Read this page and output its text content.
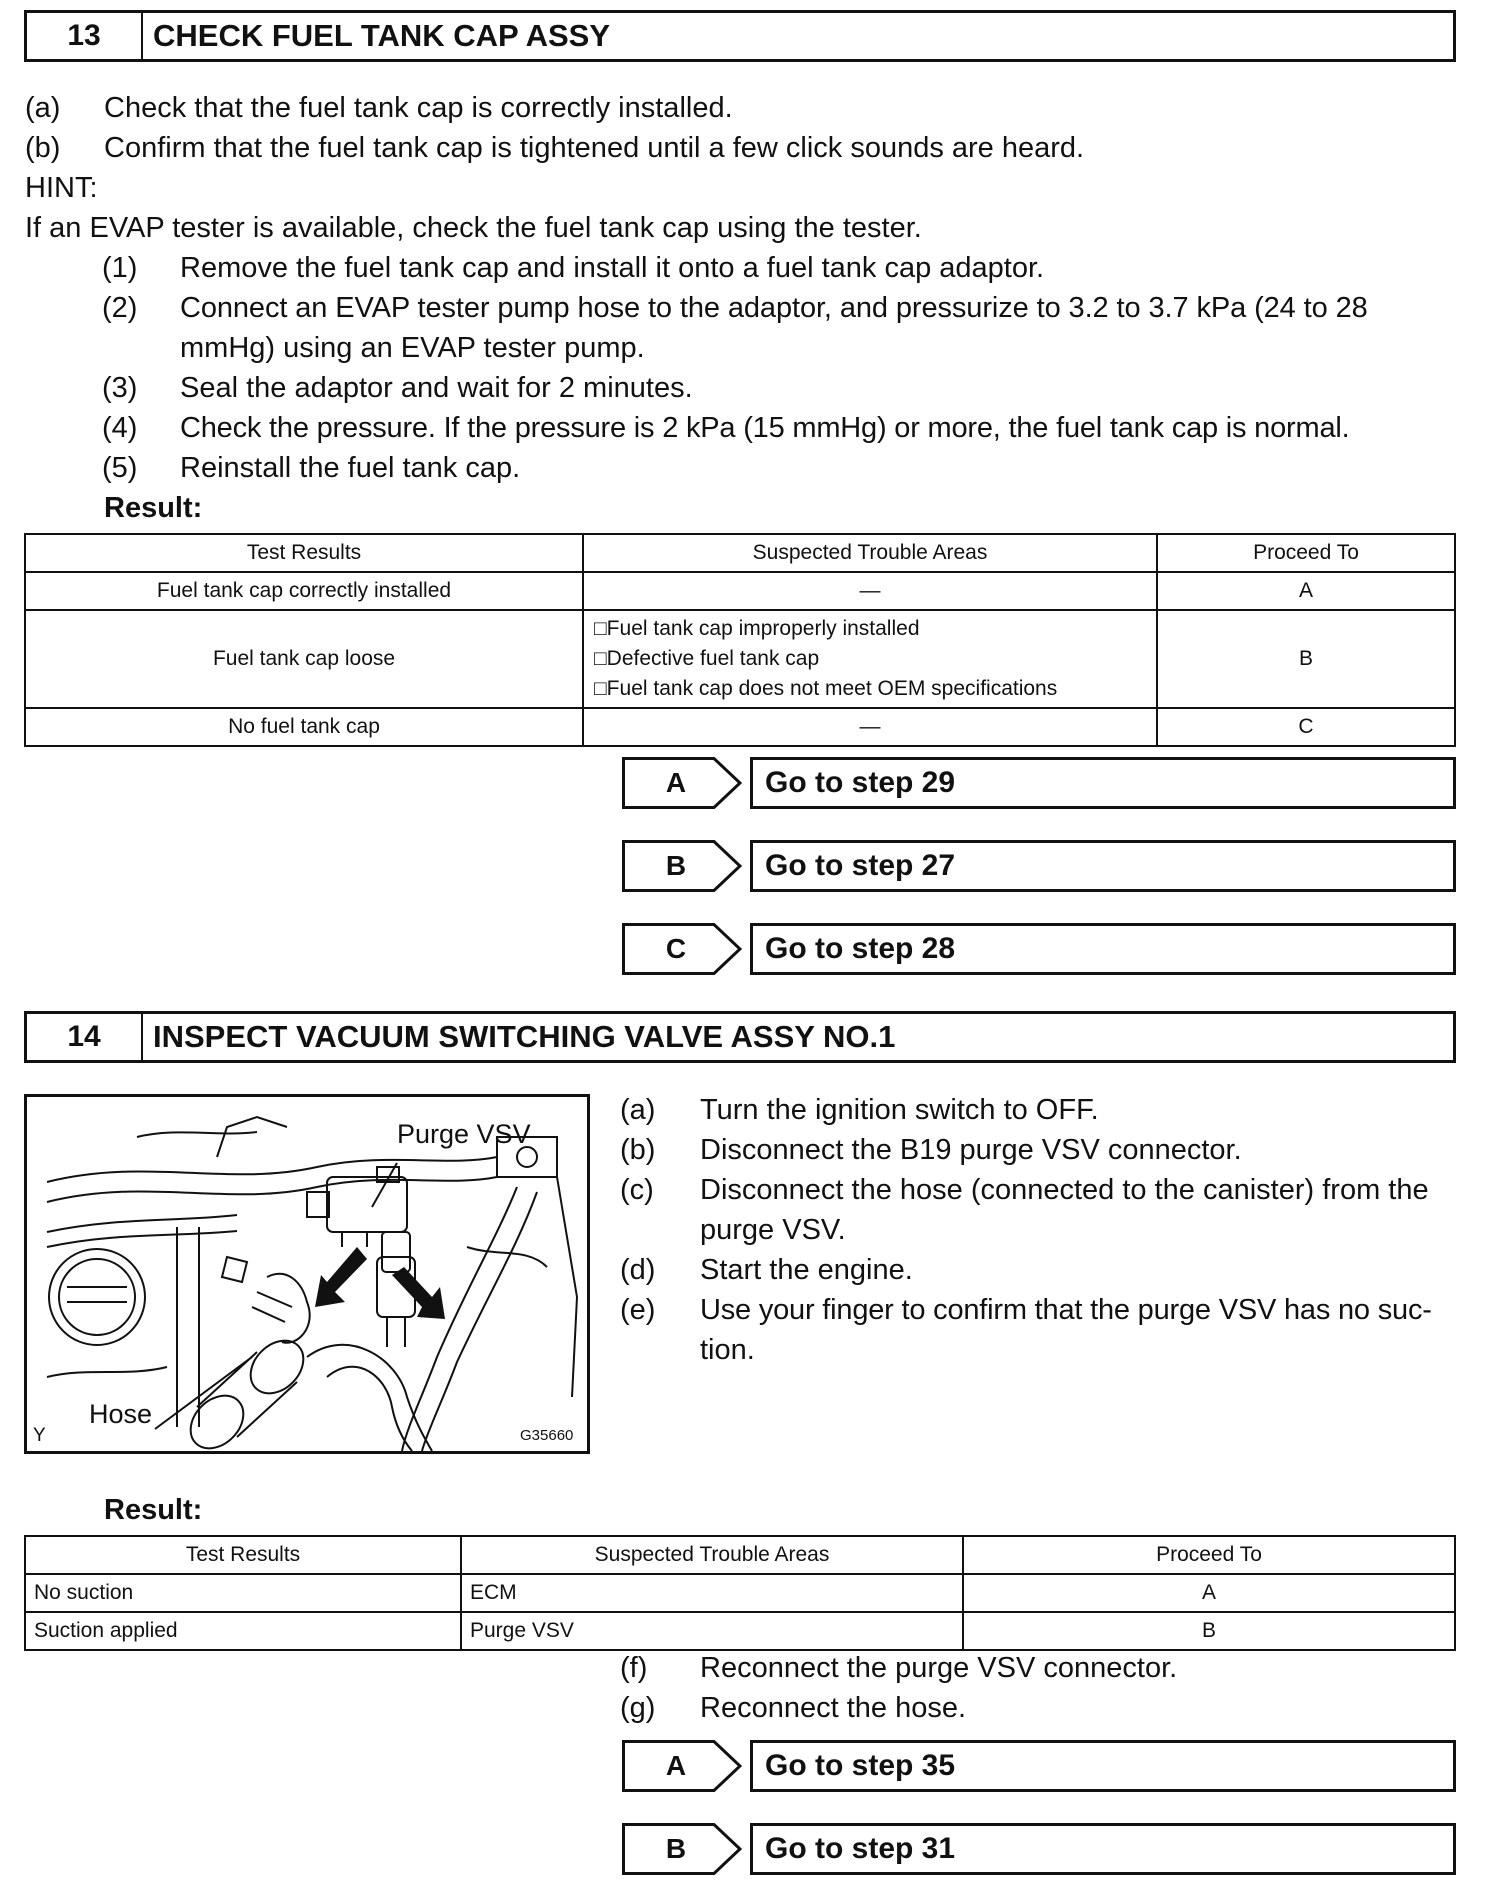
13	CHECK FUEL TANK CAP ASSY
(a) Check that the fuel tank cap is correctly installed.
(b) Confirm that the fuel tank cap is tightened until a few click sounds are heard.
HINT:
If an EVAP tester is available, check the fuel tank cap using the tester.
(1) Remove the fuel tank cap and install it onto a fuel tank cap adaptor.
(2) Connect an EVAP tester pump hose to the adaptor, and pressurize to 3.2 to 3.7 kPa (24 to 28
mmHg) using an EVAP tester pump.
(3) Seal the adaptor and wait for 2 minutes.
(4) Check the pressure. If the pressure is 2 kPa (15 mmHg) or more, the fuel tank cap is normal.
(5) Reinstall the fuel tank cap.
Result:
Test Results	Suspected Trouble Areas	Proceed To
Fuel tank cap correctly installed	—	A
Fuel tank cap loose	□Fuel tank cap improperly installed
□Defective fuel tank cap
□Fuel tank cap does not meet OEM specifications	B
No fuel tank cap	—	C
A	Go to step 29
B	Go to step 27
C	Go to step 28
14	INSPECT VACUUM SWITCHING VALVE ASSY NO.1
Purge VSV
Hose
Y	G35660
(a) Turn the ignition switch to OFF.
(b) Disconnect the B19 purge VSV connector.
(c) Disconnect the hose (connected to the canister) from the
purge VSV.
(d) Start the engine.
(e) Use your finger to confirm that the purge VSV has no suc-
tion.
Result:
Test Results	Suspected Trouble Areas	Proceed To
No suction	ECM	A
Suction applied	Purge VSV	B
(f) Reconnect the purge VSV connector.
(g) Reconnect the hose.
A	Go to step 35
B	Go to step 31
